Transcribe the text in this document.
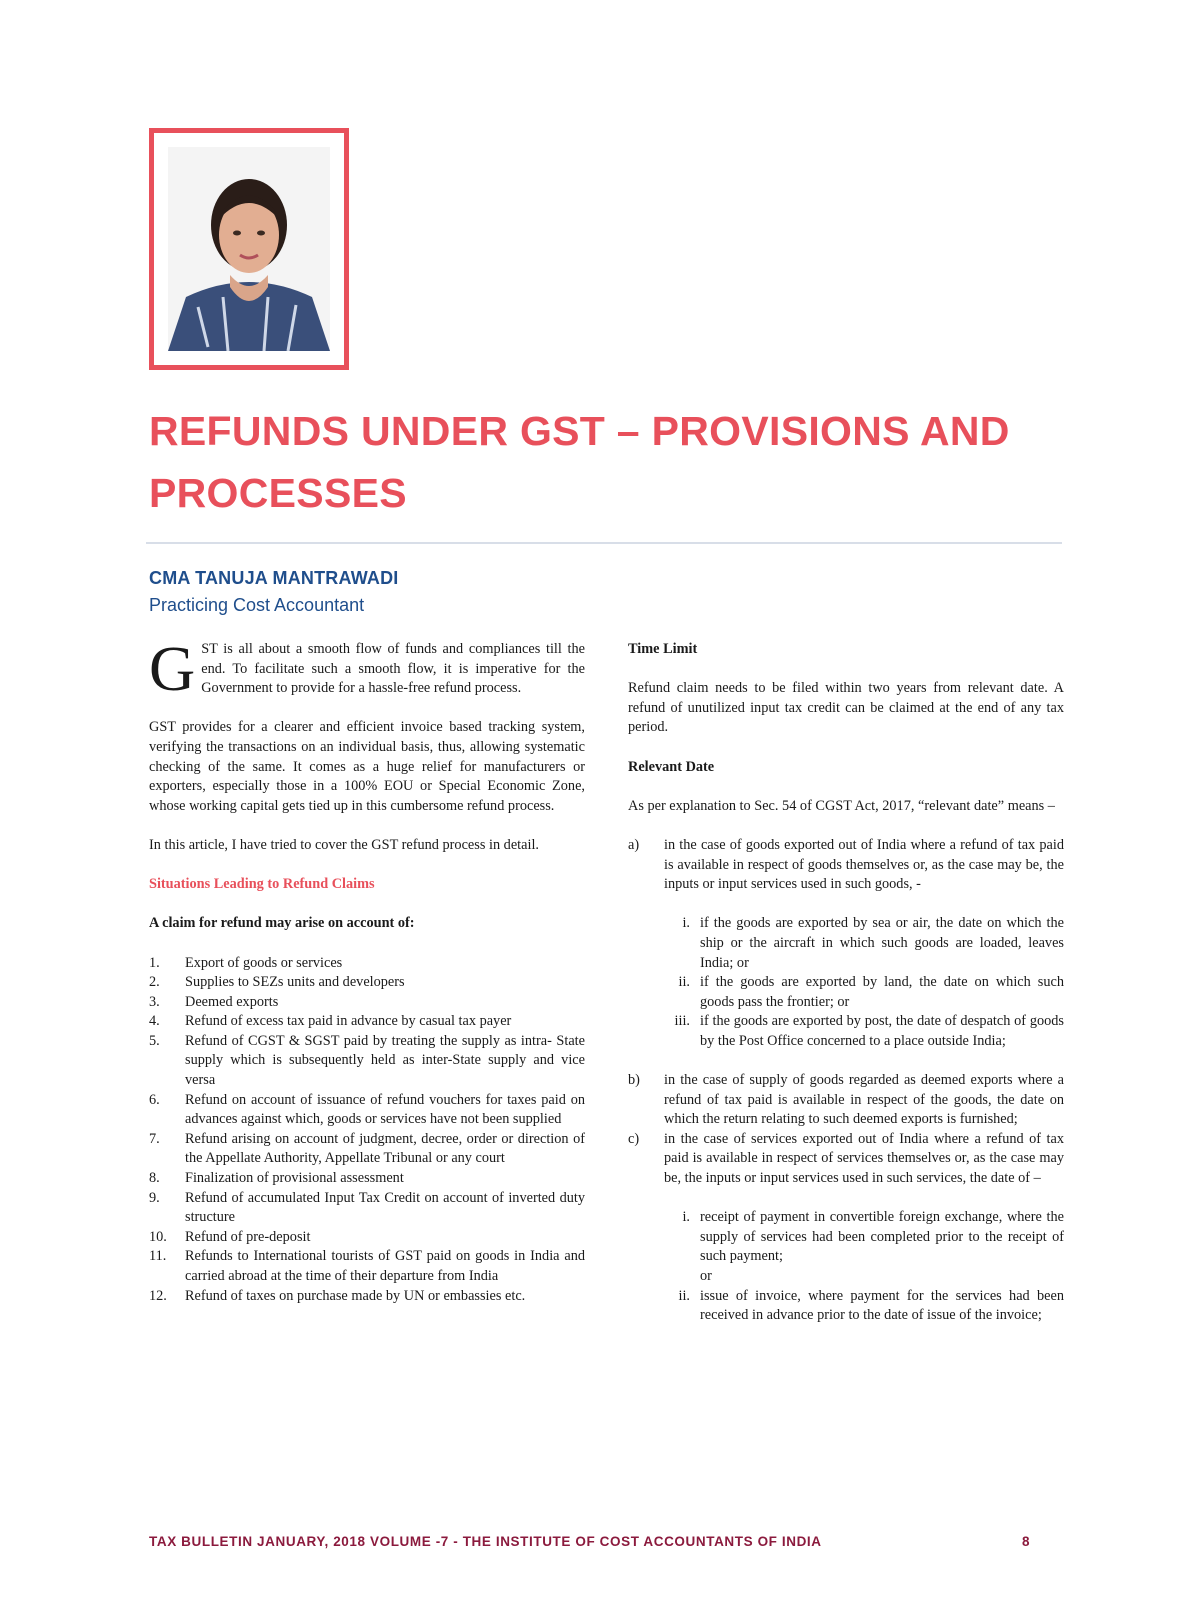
REFUNDS UNDER GST – PROVISIONS AND PROCESSES
CMA TANUJA MANTRAWADI
Practicing Cost Accountant
GST is all about a smooth flow of funds and compliances till the end. To facilitate such a smooth flow, it is imperative for the Government to provide for a hassle-free refund process.

GST provides for a clearer and efficient invoice based tracking system, verifying the transactions on an individual basis, thus, allowing systematic checking of the same. It comes as a huge relief for manufacturers or exporters, especially those in a 100% EOU or Special Economic Zone, whose working capital gets tied up in this cumbersome refund process.

In this article, I have tried to cover the GST refund process in detail.

Situations Leading to Refund Claims
A claim for refund may arise on account of:
1. Export of goods or services
2. Supplies to SEZs units and developers
3. Deemed exports
4. Refund of excess tax paid in advance by casual tax payer
5. Refund of CGST & SGST paid by treating the supply as intra- State supply which is subsequently held as inter-State supply and vice versa
6. Refund on account of issuance of refund vouchers for taxes paid on advances against which, goods or services have not been supplied
7. Refund arising on account of judgment, decree, order or direction of the Appellate Authority, Appellate Tribunal or any court
8. Finalization of provisional assessment
9. Refund of accumulated Input Tax Credit on account of inverted duty structure
10. Refund of pre-deposit
11. Refunds to International tourists of GST paid on goods in India and carried abroad at the time of their departure from India
12. Refund of taxes on purchase made by UN or embassies etc.
Time Limit

Refund claim needs to be filed within two years from relevant date. A refund of unutilized input tax credit can be claimed at the end of any tax period.

Relevant Date

As per explanation to Sec. 54 of CGST Act, 2017, “relevant date” means –

a) in the case of goods exported out of India where a refund of tax paid is available in respect of goods themselves or, as the case may be, the inputs or input services used in such goods, -
i. if the goods are exported by sea or air, the date on which the ship or the aircraft in which such goods are loaded, leaves India; or
ii. if the goods are exported by land, the date on which such goods pass the frontier; or
iii. if the goods are exported by post, the date of despatch of goods by the Post Office concerned to a place outside India;
b) in the case of supply of goods regarded as deemed exports where a refund of tax paid is available in respect of the goods, the date on which the return relating to such deemed exports is furnished;
c) in the case of services exported out of India where a refund of tax paid is available in respect of services themselves or, as the case may be, the inputs or input services used in such services, the date of –
i. receipt of payment in convertible foreign exchange, where the supply of services had been completed prior to the receipt of such payment;
or
ii. issue of invoice, where payment for the services had been received in advance prior to the date of issue of the invoice;
TAX BULLETIN JANUARY, 2018 VOLUME -7 - THE INSTITUTE OF COST ACCOUNTANTS OF INDIA	8
